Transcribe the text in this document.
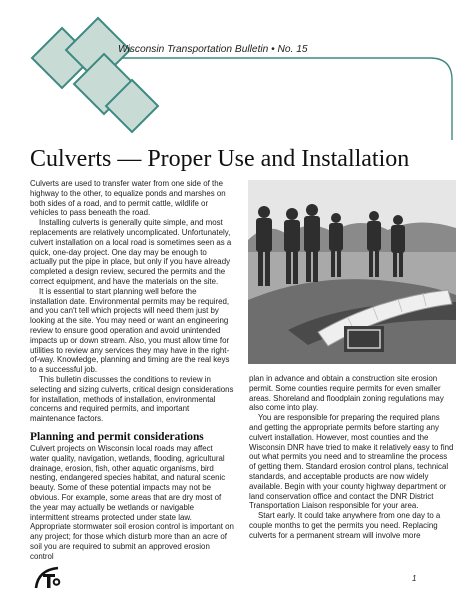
Wisconsin Transportation Bulletin • No. 15
Culverts — Proper Use and Installation

Culverts are used to transfer water from one side of the highway to the other, to equalize ponds and marshes on both sides of a road, and to permit cattle, wildlife or vehicles to pass beneath the road.

Installing culverts is generally quite simple, and most replacements are relatively uncomplicated. Unfortunately, culvert installation on a local road is sometimes seen as a quick, one-day project. One day may be enough to actually put the pipe in place, but only if you have already completed a design review, secured the permits and the correct equipment, and have the materials on the site.

It is essential to start planning well before the installation date. Environmental permits may be required, and you can't tell which projects will need them just by looking at the site. You may need or want an engineering review to ensure good operation and avoid unintended impacts up or down stream. Also, you must allow time for utilities to review any services they may have in the right-of-way. Knowledge, planning and timing are the real keys to a successful job.

This bulletin discusses the conditions to review in selecting and sizing culverts, critical design considerations for installation, methods of installation, environmental concerns and required permits, and important maintenance factors.

Planning and permit considerations

Culvert projects on Wisconsin local roads may affect water quality, navigation, wetlands, flooding, agricultural drainage, erosion, fish, other aquatic organisms, bird nesting, endangered species habitat, and natural scenic beauty. Some of these potential impacts may not be obvious. For example, some areas that are dry most of the year may actually be wetlands or navigable intermittent streams protected under state law. Appropriate stormwater soil erosion control is important on any project; for those which disturb more than an acre of soil you are required to submit an approved erosion control

plan in advance and obtain a construction site erosion permit. Some counties require permits for even smaller areas. Shoreland and floodplain zoning regulations may also come into play.

You are responsible for preparing the required plans and getting the appropriate permits before starting any culvert installation. However, most counties and the Wisconsin DNR have tried to make it relatively easy to find out what permits you need and to streamline the process of getting them. Standard erosion control plans, technical standards, and acceptable products are now widely available. Begin with your county highway department or land conservation office and contact the DNR District Transportation Liaison responsible for your area.

Start early. It could take anywhere from one day to a couple months to get the permits you need. Replacing culverts for a permanent stream will involve more

1
